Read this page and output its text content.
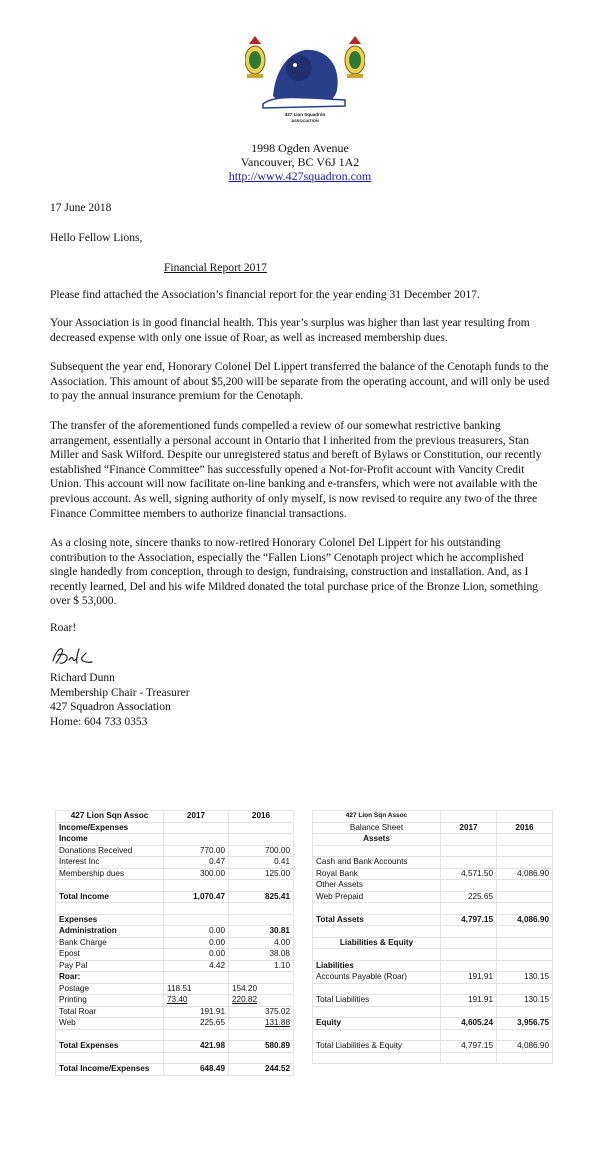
427 Lion Squadron
ASSOCIATION
1998 Ogden Avenue
Vancouver, BC V6J 1A2
http://www.427squadron.com
17 June 2018
Hello Fellow Lions,
Financial Report 2017

Please find attached the Association’s financial report for the year ending 31 December 2017.

Your Association is in good financial health. This year’s surplus was higher than last year resulting from decreased expense with only one issue of Roar, as well as increased membership dues.

Subsequent the year end, Honorary Colonel Del Lippert transferred the balance of the Cenotaph funds to the Association. This amount of about $5,200 will be separate from the operating account, and will only be used to pay the annual insurance premium for the Cenotaph.

The transfer of the aforementioned funds compelled a review of our somewhat restrictive banking arrangement, essentially a personal account in Ontario that I inherited from the previous treasurers, Stan Miller and Sask Wilford. Despite our unregistered status and bereft of Bylaws or Constitution, our recently established “Finance Committee” has successfully opened a Not-for-Profit account with Vancity Credit Union. This account will now facilitate on-line banking and e-transfers, which were not available with the previous account. As well, signing authority of only myself, is now revised to require any two of the three Finance Committee members to authorize financial transactions.

As a closing note, sincere thanks to now-retired Honorary Colonel Del Lippert for his outstanding contribution to the Association, especially the “Fallen Lions” Cenotaph project which he accomplished single handedly from conception, through to design, fundraising, construction and installation. And, as I recently learned, Del and his wife Mildred donated the total purchase price of the Bronze Lion, something over $ 53,000.

Roar!
Richard Dunn
Membership Chair - Treasurer
427 Squadron Association
Home: 604 733 0353
427 Lion Sqn Assoc	2017	2016
Income/Expenses		
Income		
Donations Received	770.00	700.00
Interest Inc	0.47	0.41
Membership dues	300.00	125.00

Total Income	1,070.47	825.41

Expenses		
Administration	0.00	30.81
Bank Charge	0.00	4.00
Epost	0.00	38.08
Pay Pal	4.42	1.10
Roar:		
Postage	118.51	154.20
Printing	73.40	220.82
Total Roar	191.91	375.02
Web	225.65	131.88

Total Expenses	421.98	580.89

Total Income/Expenses	648.49	244.52
427 Lion Sqn Assoc		
Balance Sheet	2017	2016
Assets		

Cash and Bank Accounts		
Royal Bank	4,571.50	4,086.90
Other Assets		
Web Prepaid	225.65	

Total Assets	4,797.15	4,086.90

Liabilities & Equity		

Liabilities		
Accounts Payable (Roar)	191.91	130.15

Total Liabilities	191.91	130.15

Equity	4,605.24	3,956.75

Total Liabilities & Equity	4,797.15	4,086.90
